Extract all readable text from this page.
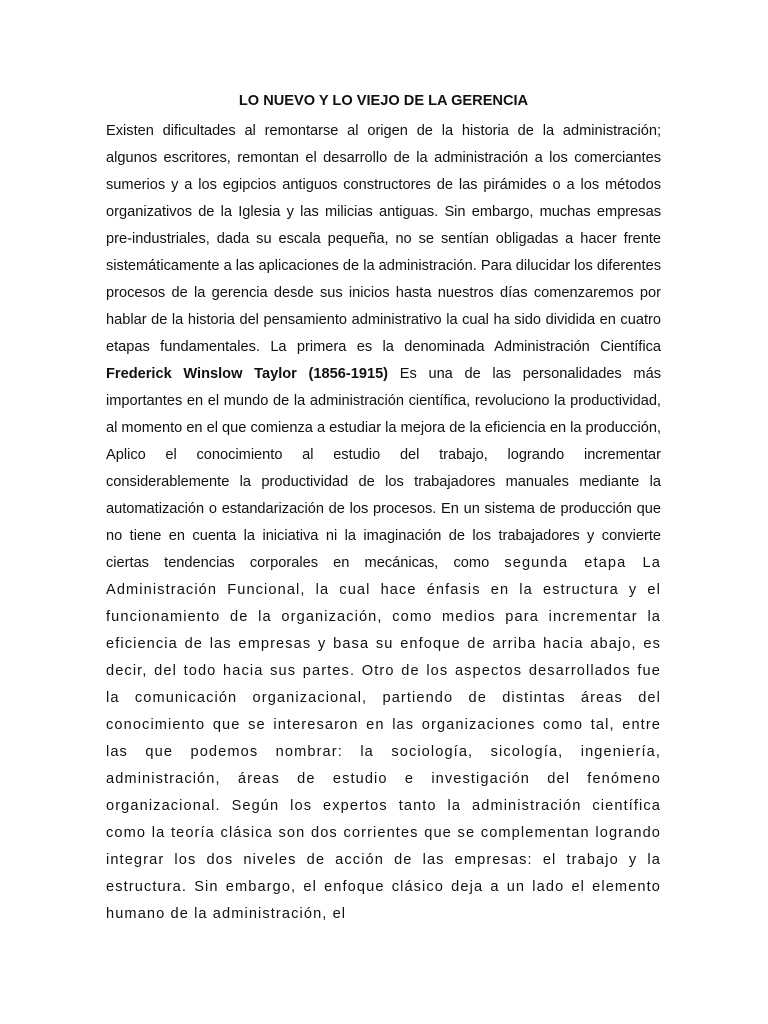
LO NUEVO Y LO VIEJO DE LA GERENCIA

Existen dificultades al remontarse al origen de la historia de la administración; algunos escritores, remontan el desarrollo de la administración a los comerciantes sumerios y a los egipcios antiguos constructores de las pirámides o a los métodos organizativos de la Iglesia y las milicias antiguas. Sin embargo, muchas empresas pre-industriales, dada su escala pequeña, no se sentían obligadas a hacer frente sistemáticamente a las aplicaciones de la administración. Para dilucidar los diferentes procesos de la gerencia desde sus inicios hasta nuestros días comenzaremos por hablar de la historia del pensamiento administrativo la cual ha sido dividida en cuatro etapas fundamentales. La primera es la denominada Administración Científica Frederick Winslow Taylor (1856-1915) Es una de las personalidades más importantes en el mundo de la administración científica, revoluciono la productividad, al momento en el que comienza a estudiar la mejora de la eficiencia en la producción, Aplico el conocimiento al estudio del trabajo, logrando incrementar considerablemente la productividad de los trabajadores manuales mediante la automatización o estandarización de los procesos. En un sistema de producción que no tiene en cuenta la iniciativa ni la imaginación de los trabajadores y convierte ciertas tendencias corporales en mecánicas, como segunda etapa La Administración Funcional, la cual hace énfasis en la estructura y el funcionamiento de la organización, como medios para incrementar la eficiencia de las empresas y basa su enfoque de arriba hacia abajo, es decir, del todo hacia sus partes. Otro de los aspectos desarrollados fue la comunicación organizacional, partiendo de distintas áreas del conocimiento que se interesaron en las organizaciones como tal, entre las que podemos nombrar: la sociología, sicología, ingeniería, administración, áreas de estudio e investigación del fenómeno organizacional. Según los expertos tanto la administración científica como la teoría clásica son dos corrientes que se complementan logrando integrar los dos niveles de acción de las empresas: el trabajo y la estructura. Sin embargo, el enfoque clásico deja a un lado el elemento humano de la administración, el
